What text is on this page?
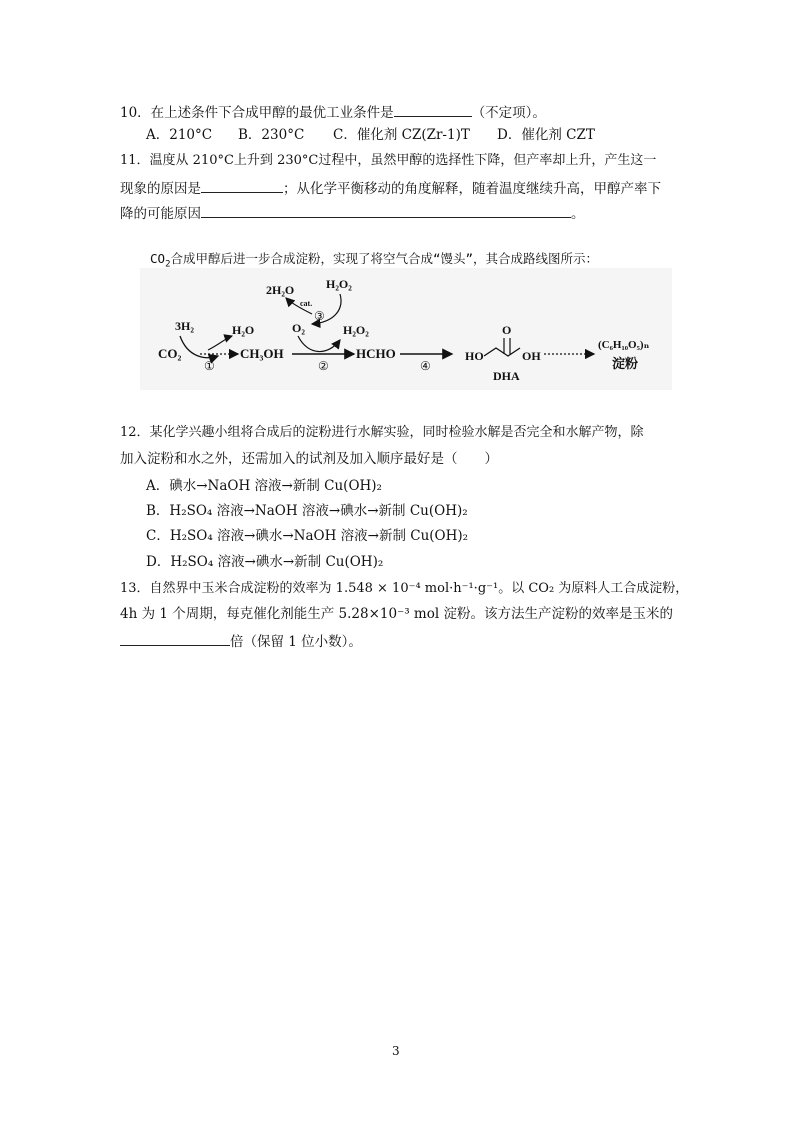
10．在上述条件下合成甲醇的最优工业条件是	（不定项）。
A．210°C B．230°C C．催化剂 CZ(Zr-1)T D．催化剂 CZT
11．温度从 210°C上升到 230°C过程中，虽然甲醇的选择性下降，但产率却上升，产生这一
现象的原因是	；从化学平衡移动的角度解释，随着温度继续升高，甲醇产率下
降的可能原因	。
$CO_2$合成甲醇后进一步合成淀粉，实现了将空气合成“馒头”，其合成路线图所示：
CO₂
3H₂	H₂O
①
CH₃OH
O₂	H₂O₂
②
2H₂O	H₂O₂
cat.
③
HCHO
④
HO
O
OH
DHA
(C₆H₁₀O₅)ₙ
淀粉
12．某化学兴趣小组将合成后的淀粉进行水解实验，同时检验水解是否完全和水解产物，除
加入淀粉和水之外，还需加入的试剂及加入顺序最好是（　　）
A．碘水→NaOH 溶液→新制 Cu(OH)₂
B．H₂SO₄ 溶液→NaOH 溶液→碘水→新制 Cu(OH)₂
C．H₂SO₄ 溶液→碘水→NaOH 溶液→新制 Cu(OH)₂
D．H₂SO₄ 溶液→碘水→新制 Cu(OH)₂
13．自然界中玉米合成淀粉的效率为 1.548 × 10⁻⁴ mol·h⁻¹·g⁻¹。以 CO₂ 为原料人工合成淀粉，
4h 为 1 个周期，每克催化剂能生产 5.28×10⁻³ mol 淀粉。该方法生产淀粉的效率是玉米的
倍（保留 1 位小数）。
3
